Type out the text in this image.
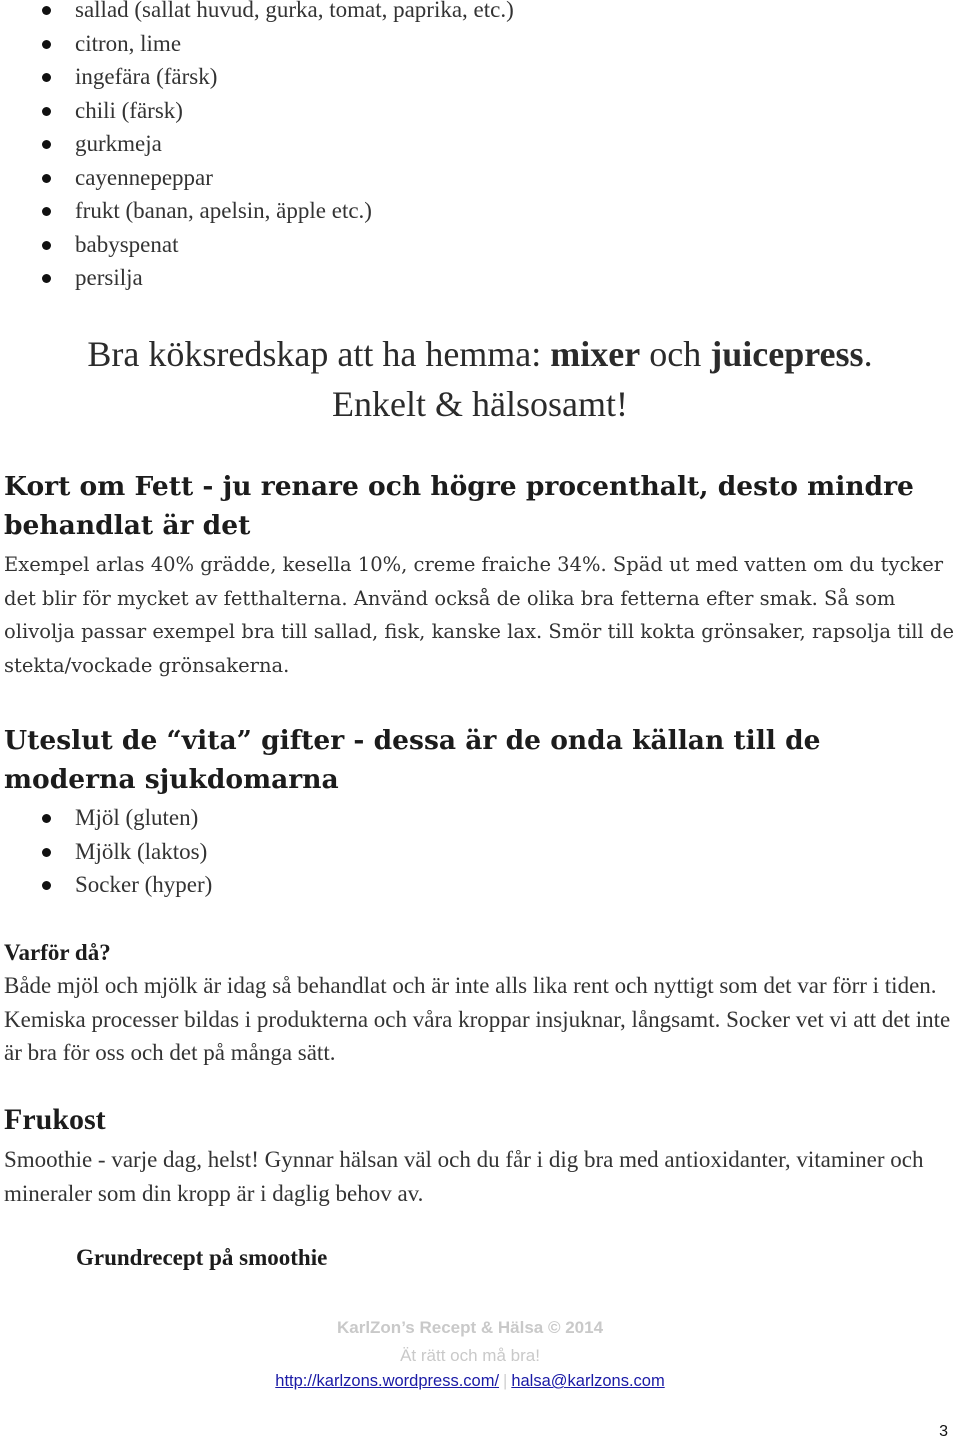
sallad (sallat huvud, gurka, tomat, paprika, etc.)
citron, lime
ingefära (färsk)
chili (färsk)
gurkmeja
cayennepeppar
frukt (banan, apelsin, äpple etc.)
babyspenat
persilja
Bra köksredskap att ha hemma: mixer och juicepress.
Enkelt & hälsosamt!
Kort om Fett - ju renare och högre procenthalt, desto mindre behandlat är det
Exempel arlas 40% grädde, kesella 10%, creme fraiche 34%. Späd ut med vatten om du tycker det blir för mycket av fetthalterna. Använd också de olika bra fetterna efter smak. Så som olivolja passar exempel bra till sallad, fisk, kanske lax. Smör till kokta grönsaker, rapsolja till de stekta/vockade grönsakerna.
Uteslut de “vita” gifter - dessa är de onda källan till de moderna sjukdomarna
Mjöl (gluten)
Mjölk (laktos)
Socker (hyper)
Varför då?
Både mjöl och mjölk är idag så behandlat och är inte alls lika rent och nyttigt som det var förr i tiden. Kemiska processer bildas i produkterna och våra kroppar insjuknar, långsamt. Socker vet vi att det inte är bra för oss och det på många sätt.
Frukost
Smoothie - varje dag, helst! Gynnar hälsan väl och du får i dig bra med antioxidanter, vitaminer och mineraler som din kropp är i daglig behov av.
Grundrecept på smoothie
KarlZon’s Recept & Hälsa © 2014
Ät rätt och må bra!
http://karlzons.wordpress.com/ | halsa@karlzons.com
3
